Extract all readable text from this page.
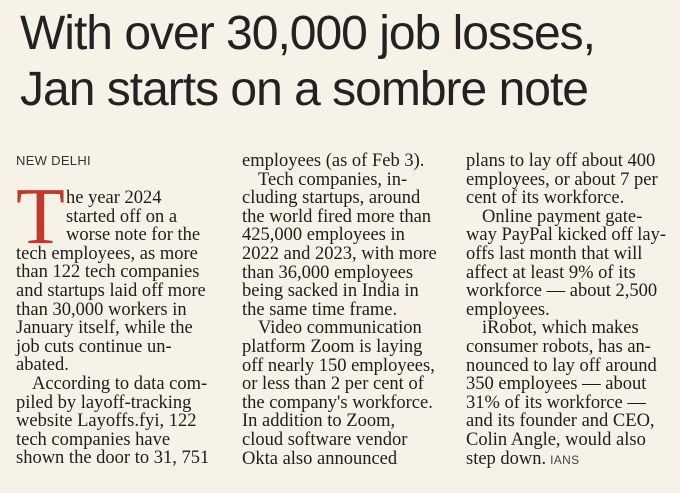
With over 30,000 job losses,
Jan starts on a sombre note
NEW DELHI
T he year 2024
started off on a
worse note for the
tech employees, as more
than 122 tech companies
and startups laid off more
than 30,000 workers in
January itself, while the
job cuts continue un-
abated.
According to data com-
piled by layoff-tracking
website Layoffs.fyi, 122
tech companies have
shown the door to 31, 751
employees (as of Feb 3).
Tech companies, in-
cluding startups, around
the world fired more than
425,000 employees in
2022 and 2023, with more
than 36,000 employees
being sacked in India in
the same time frame.
Video communication
platform Zoom is laying
off nearly 150 employees,
or less than 2 per cent of
the company's workforce.
In addition to Zoom,
cloud software vendor
Okta also announced
plans to lay off about 400
employees, or about 7 per
cent of its workforce.
Online payment gate-
way PayPal kicked off lay-
offs last month that will
affect at least 9% of its
workforce — about 2,500
employees.
iRobot, which makes
consumer robots, has an-
nounced to lay off around
350 employees — about
31% of its workforce —
and its founder and CEO,
Colin Angle, would also
step down. IANS
